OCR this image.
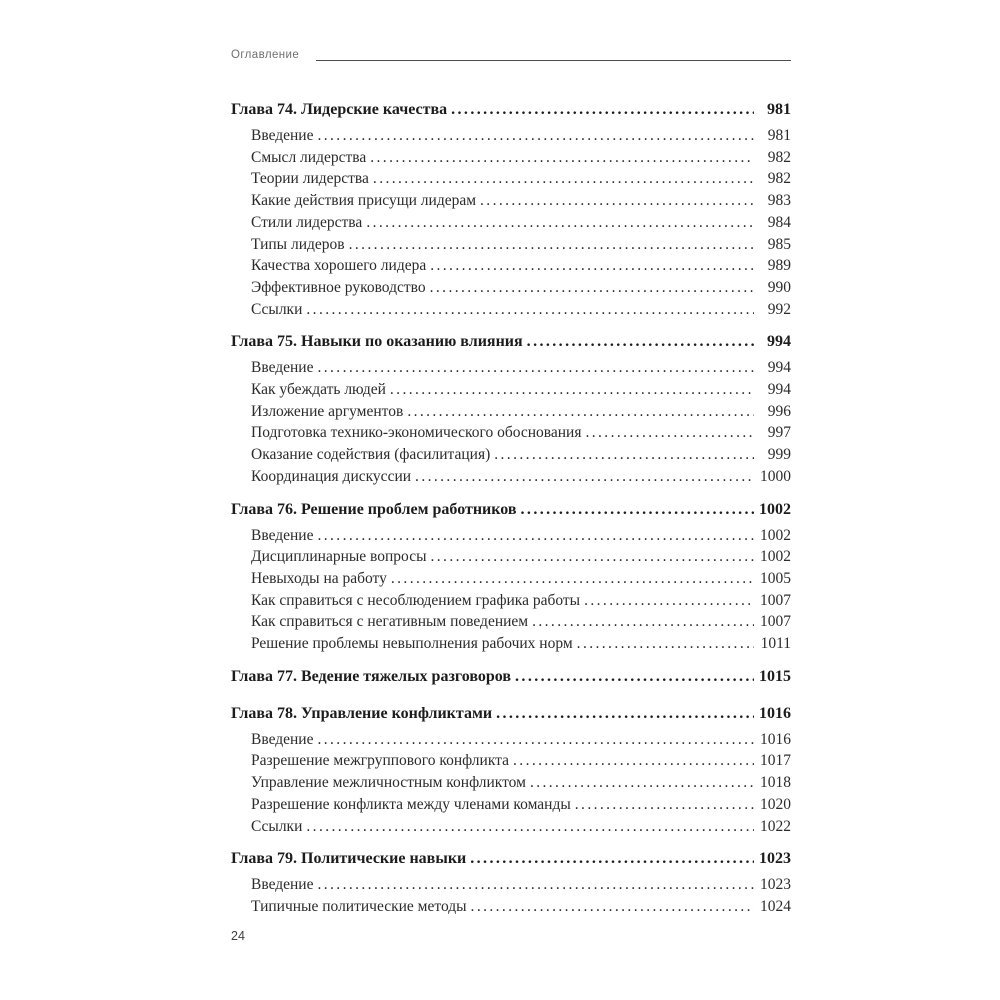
Оглавление
Глава 74. Лидерские качества .....	981
Введение .....	981
Смысл лидерства .....	982
Теории лидерства .....	982
Какие действия присущи лидерам .....	983
Стили лидерства .....	984
Типы лидеров .....	985
Качества хорошего лидера .....	989
Эффективное руководство .....	990
Ссылки .....	992
Глава 75. Навыки по оказанию влияния .....	994
Введение .....	994
Как убеждать людей .....	994
Изложение аргументов .....	996
Подготовка технико-экономического обоснования .....	997
Оказание содействия (фасилитация) .....	999
Координация дискуссии .....	1000
Глава 76. Решение проблем работников .....	1002
Введение .....	1002
Дисциплинарные вопросы .....	1002
Невыходы на работу .....	1005
Как справиться с несоблюдением графика работы .....	1007
Как справиться с негативным поведением .....	1007
Решение проблемы невыполнения рабочих норм .....	1011
Глава 77. Ведение тяжелых разговоров .....	1015
Глава 78. Управление конфликтами .....	1016
Введение .....	1016
Разрешение межгруппового конфликта .....	1017
Управление межличностным конфликтом .....	1018
Разрешение конфликта между членами команды .....	1020
Ссылки .....	1022
Глава 79. Политические навыки .....	1023
Введение .....	1023
Типичные политические методы .....	1024
24
